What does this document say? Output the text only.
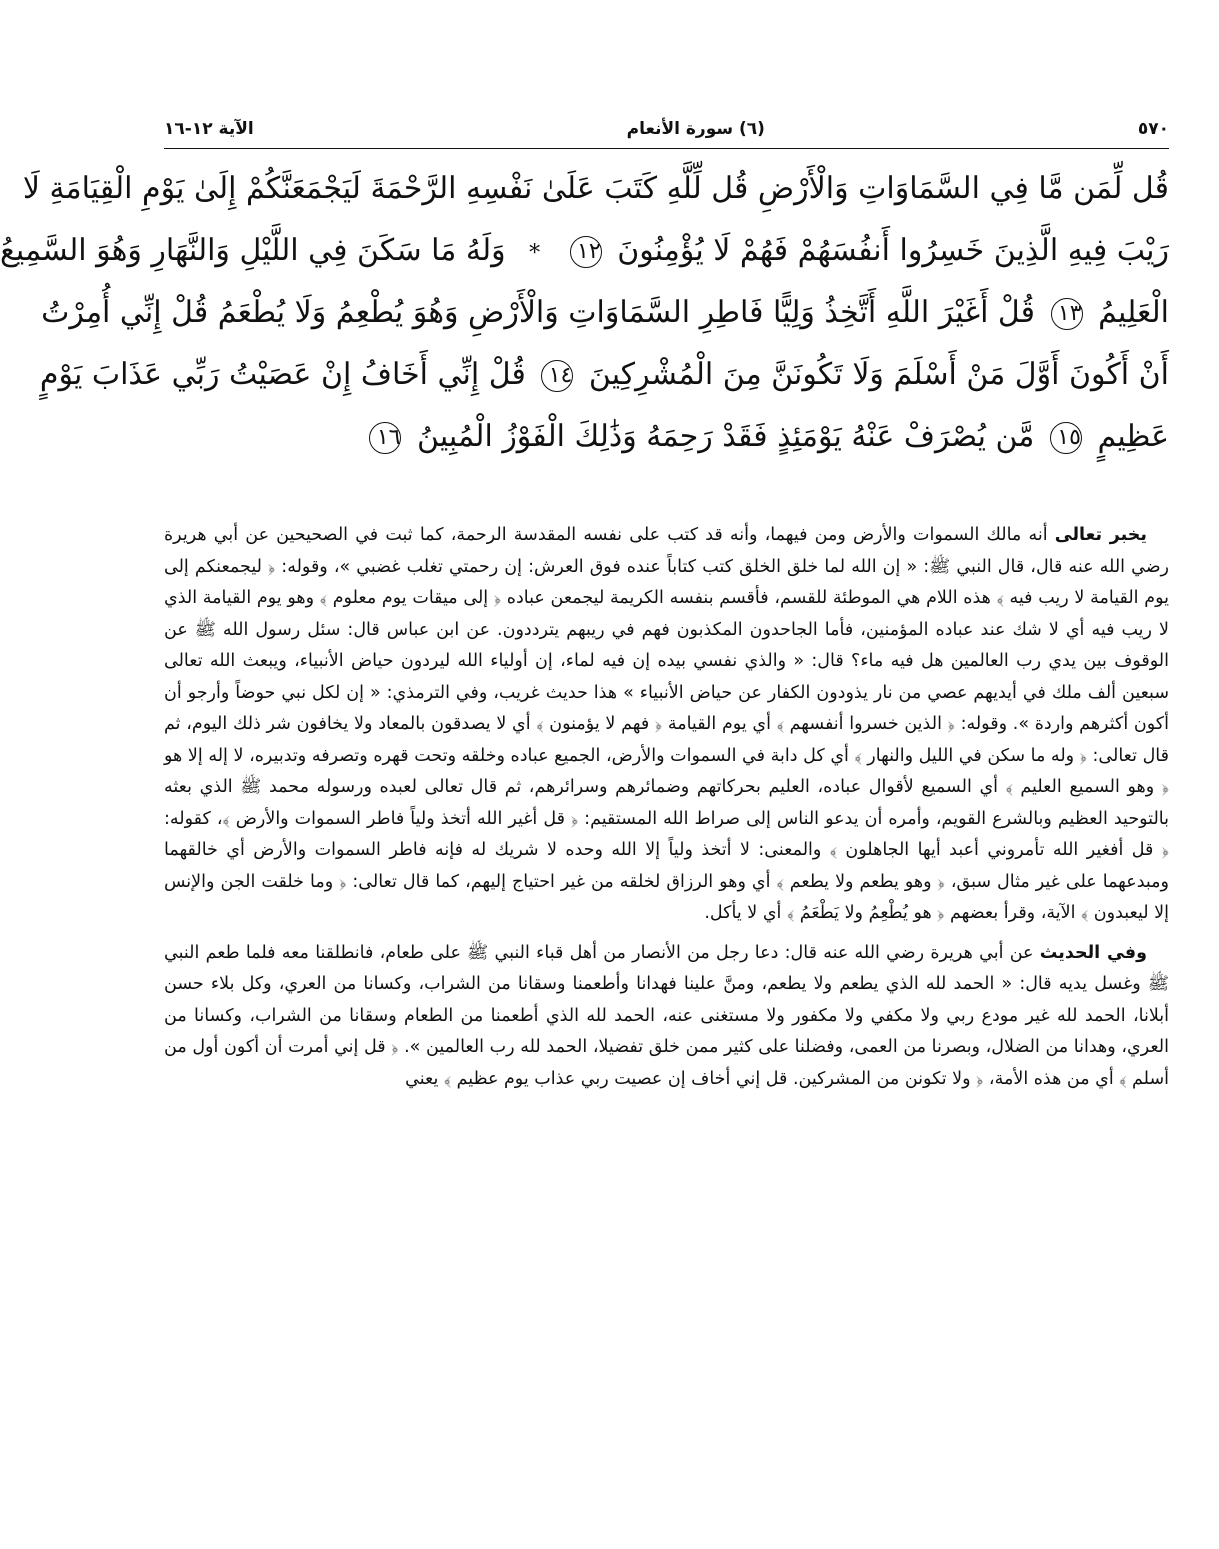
٥٧٠
(٦) سورة الأنعام
الآية ١٢-١٦
قُل لِّمَن مَّا فِي السَّمَاوَاتِ وَالْأَرْضِ قُل لِّلَّهِ كَتَبَ عَلَىٰ نَفْسِهِ الرَّحْمَةَ لَيَجْمَعَنَّكُمْ إِلَىٰ يَوْمِ الْقِيَامَةِ لَا
رَيْبَ فِيهِ الَّذِينَ خَسِرُوا أَنفُسَهُمْ فَهُمْ لَا يُؤْمِنُونَ ١٢ * وَلَهُ مَا سَكَنَ فِي اللَّيْلِ وَالنَّهَارِ وَهُوَ السَّمِيعُ
الْعَلِيمُ ١٣ قُلْ أَغَيْرَ اللَّهِ أَتَّخِذُ وَلِيًّا فَاطِرِ السَّمَاوَاتِ وَالْأَرْضِ وَهُوَ يُطْعِمُ وَلَا يُطْعَمُ قُلْ إِنِّي أُمِرْتُ
أَنْ أَكُونَ أَوَّلَ مَنْ أَسْلَمَ وَلَا تَكُونَنَّ مِنَ الْمُشْرِكِينَ ١٤ قُلْ إِنِّي أَخَافُ إِنْ عَصَيْتُ رَبِّي عَذَابَ يَوْمٍ
عَظِيمٍ ١٥ مَّن يُصْرَفْ عَنْهُ يَوْمَئِذٍ فَقَدْ رَحِمَهُ وَذَٰلِكَ الْفَوْزُ الْمُبِينُ ١٦

يخبر تعالى أنه مالك السموات والأرض ومن فيهما، وأنه قد كتب على نفسه المقدسة الرحمة، كما ثبت في الصحيحين عن أبي هريرة رضي الله عنه قال، قال النبي ﷺ: « إن الله لما خلق الخلق كتب كتاباً عنده فوق العرش: إن رحمتي تغلب غضبي »، وقوله: ﴿ ليجمعنكم إلى يوم القيامة لا ريب فيه ﴾ هذه اللام هي الموطئة للقسم، فأقسم بنفسه الكريمة ليجمعن عباده ﴿ إلى ميقات يوم معلوم ﴾ وهو يوم القيامة الذي لا ريب فيه أي لا شك عند عباده المؤمنين، فأما الجاحدون المكذبون فهم في ريبهم يترددون. عن ابن عباس قال: سئل رسول الله ﷺ عن الوقوف بين يدي رب العالمين هل فيه ماء؟ قال: « والذي نفسي بيده إن فيه لماء، إن أولياء الله ليردون حياض الأنبياء، ويبعث الله تعالى سبعين ألف ملك في أيديهم عصي من نار يذودون الكفار عن حياض الأنبياء » هذا حديث غريب، وفي الترمذي: « إن لكل نبي حوضاً وأرجو أن أكون أكثرهم واردة ». وقوله: ﴿ الذين خسروا أنفسهم ﴾ أي يوم القيامة ﴿ فهم لا يؤمنون ﴾ أي لا يصدقون بالمعاد ولا يخافون شر ذلك اليوم، ثم قال تعالى: ﴿ وله ما سكن في الليل والنهار ﴾ أي كل دابة في السموات والأرض، الجميع عباده وخلقه وتحت قهره وتصرفه وتدبيره، لا إله إلا هو ﴿ وهو السميع العليم ﴾ أي السميع لأقوال عباده، العليم بحركاتهم وضمائرهم وسرائرهم، ثم قال تعالى لعبده ورسوله محمد ﷺ الذي بعثه بالتوحيد العظيم وبالشرع القويم، وأمره أن يدعو الناس إلى صراط الله المستقيم: ﴿ قل أغير الله أتخذ ولياً فاطر السموات والأرض ﴾، كقوله: ﴿ قل أفغير الله تأمروني أعبد أيها الجاهلون ﴾ والمعنى: لا أتخذ ولياً إلا الله وحده لا شريك له فإنه فاطر السموات والأرض أي خالقهما ومبدعهما على غير مثال سبق، ﴿ وهو يطعم ولا يطعم ﴾ أي وهو الرزاق لخلقه من غير احتياج إليهم، كما قال تعالى: ﴿ وما خلقت الجن والإنس إلا ليعبدون ﴾ الآية، وقرأ بعضهم ﴿ هو يُطْعِمُ ولا يَطْعَمُ ﴾ أي لا يأكل.

وفي الحديث عن أبي هريرة رضي الله عنه قال: دعا رجل من الأنصار من أهل قباء النبي ﷺ على طعام، فانطلقنا معه فلما طعم النبي ﷺ وغسل يديه قال: « الحمد لله الذي يطعم ولا يطعم، ومنَّ علينا فهدانا وأطعمنا وسقانا من الشراب، وكسانا من العري، وكل بلاء حسن أبلانا، الحمد لله غير مودع ربي ولا مكفي ولا مكفور ولا مستغنى عنه، الحمد لله الذي أطعمنا من الطعام وسقانا من الشراب، وكسانا من العري، وهدانا من الضلال، وبصرنا من العمى، وفضلنا على كثير ممن خلق تفضيلا، الحمد لله رب العالمين ». ﴿ قل إني أمرت أن أكون أول من أسلم ﴾ أي من هذه الأمة، ﴿ ولا تكونن من المشركين. قل إني أخاف إن عصيت ربي عذاب يوم عظيم ﴾ يعني
